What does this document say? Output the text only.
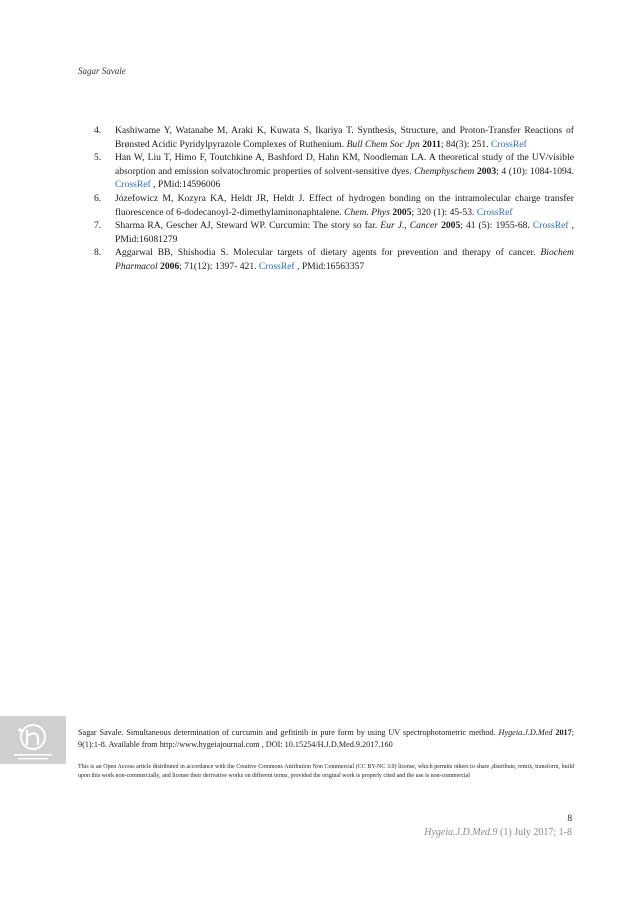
Sagar Savale

4. Kashiwame Y, Watanabe M, Araki K, Kuwata S, Ikariya T. Synthesis, Structure, and Proton-Transfer Reactions of Brønsted Acidic Pyridylpyrazole Complexes of Ruthenium. Bull Chem Soc Jpn 2011; 84(3): 251. CrossRef

5. Han W, Liu T, Himo F, Toutchkine A, Bashford D, Hahn KM, Noodleman LA. A theoretical study of the UV/visible absorption and emission solvatochromic properties of solvent-sensitive dyes. Chemphyschem 2003; 4 (10): 1084-1094. CrossRef , PMid:14596006

6. Józefowicz M, Kozyra KA, Heldt JR, Heldt J. Effect of hydrogen bonding on the intramolecular charge transfer fluorescence of 6-dodecanoyl-2-dimethylaminonaphtalene. Chem. Phys 2005; 320 (1): 45-53. CrossRef

7. Sharma RA, Gescher AJ, Steward WP. Curcumin: The story so far. Eur J., Cancer 2005; 41 (5): 1955-68. CrossRef , PMid:16081279

8. Aggarwal BB, Shishodia S. Molecular targets of dietary agents for prevention and therapy of cancer. Biochem Pharmacol 2006; 71(12): 1397- 421. CrossRef , PMid:16563357

Sagar Savale. Simultaneous determination of curcumin and gefitinib in pure form by using UV spectrophotometric method. Hygeia.J.D.Med 2017; 9(1):1-8. Available from http://www.hygeiajournal.com , DOI: 10.15254/H.J.D.Med.9.2017.160
This is an Open Access article distributed in accordance with the Creative Commons Attribution Non Commercial (CC BY-NC 3.0) license, which permits others to share ,distribute, remix, transform, build upon this work non-commercially, and license their derivative works on different terms, provided the original work is properly cited and the use is non-commercial
8
Hygeia.J.D.Med.9 (1) July 2017; 1-8
